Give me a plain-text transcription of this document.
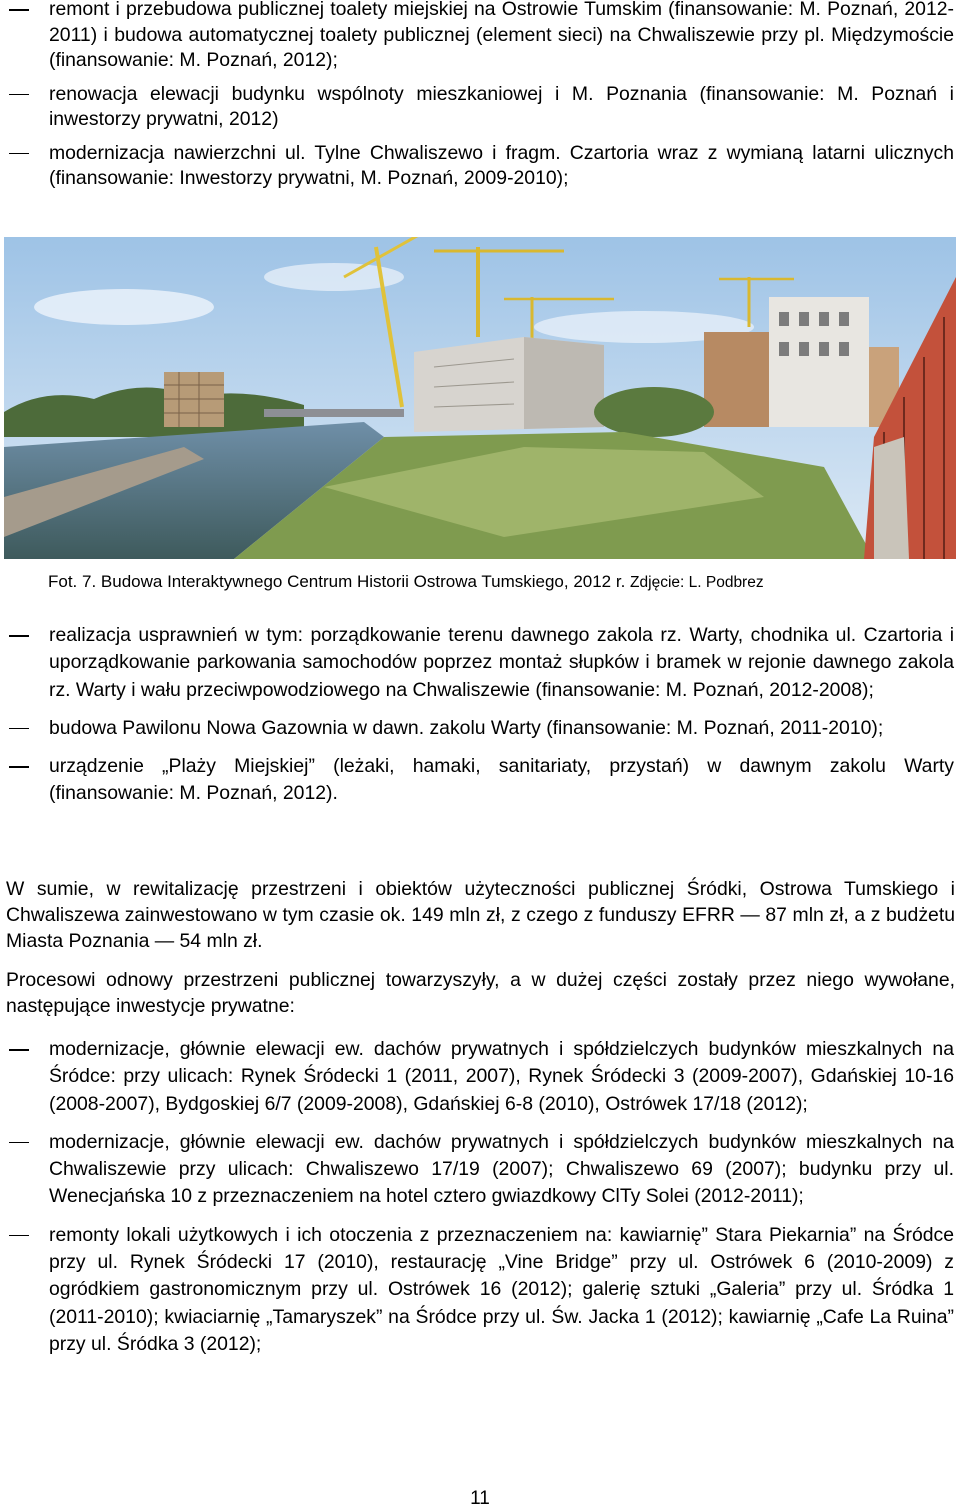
remont i przebudowa publicznej toalety miejskiej na Ostrowie Tumskim (finansowanie: M. Poznań, 2012-2011) i budowa automatycznej toalety publicznej (element sieci) na Chwaliszewie przy pl. Międzymoście (finansowanie: M. Poznań, 2012);
renowacja elewacji budynku wspólnoty mieszkaniowej i M. Poznania (finansowanie: M. Poznań i inwestorzy prywatni, 2012)
modernizacja nawierzchni ul. Tylne Chwaliszewo i fragm. Czartoria wraz z wymianą latarni ulicznych (finansowanie: Inwestorzy prywatni, M. Poznań, 2009-2010);
Fot. 7. Budowa Interaktywnego Centrum Historii Ostrowa Tumskiego, 2012 r. Zdjęcie: L. Podbrez
realizacja usprawnień w tym: porządkowanie terenu dawnego zakola rz. Warty, chodnika ul. Czartoria i uporządkowanie parkowania samochodów poprzez montaż słupków i bramek w rejonie dawnego zakola rz. Warty i wału przeciwpowodziowego na Chwaliszewie (finansowanie: M. Poznań, 2012-2008);
budowa Pawilonu Nowa Gazownia w dawn. zakolu Warty (finansowanie: M. Poznań, 2011-2010);
urządzenie „Plaży Miejskiej” (leżaki, hamaki, sanitariaty, przystań) w dawnym zakolu Warty (finansowanie: M. Poznań, 2012).

W sumie, w rewitalizację przestrzeni i obiektów użyteczności publicznej Śródki, Ostrowa Tumskiego i Chwaliszewa zainwestowano w tym czasie ok. 149 mln zł, z czego z funduszy EFRR — 87 mln zł, a z budżetu Miasta Poznania — 54 mln zł.

Procesowi odnowy przestrzeni publicznej towarzyszyły, a w dużej części zostały przez niego wywołane, następujące inwestycje prywatne:

modernizacje, głównie elewacji ew. dachów prywatnych i spółdzielczych budynków mieszkalnych na Śródce: przy ulicach: Rynek Śródecki 1 (2011, 2007), Rynek Śródecki 3 (2009-2007), Gdańskiej 10-16 (2008-2007), Bydgoskiej 6/7 (2009-2008), Gdańskiej 6-8 (2010), Ostrówek 17/18 (2012);
modernizacje, głównie elewacji ew. dachów prywatnych i spółdzielczych budynków mieszkalnych na Chwaliszewie przy ulicach: Chwaliszewo 17/19 (2007); Chwaliszewo 69 (2007); budynku przy ul. Wenecjańska 10 z przeznaczeniem na hotel cztero gwiazdkowy ClTy Solei (2012-2011);
remonty lokali użytkowych i ich otoczenia z przeznaczeniem na: kawiarnię” Stara Piekarnia” na Śródce przy ul. Rynek Śródecki 17 (2010), restaurację „Vine Bridge” przy ul. Ostrówek 6 (2010-2009) z ogródkiem gastronomicznym przy ul. Ostrówek 16 (2012); galerię sztuki „Galeria” przy ul. Śródka 1 (2011-2010); kwiaciarnię „Tamaryszek” na Śródce przy ul. Św. Jacka 1 (2012); kawiarnię „Cafe La Ruina” przy ul. Śródka 3 (2012);
11
